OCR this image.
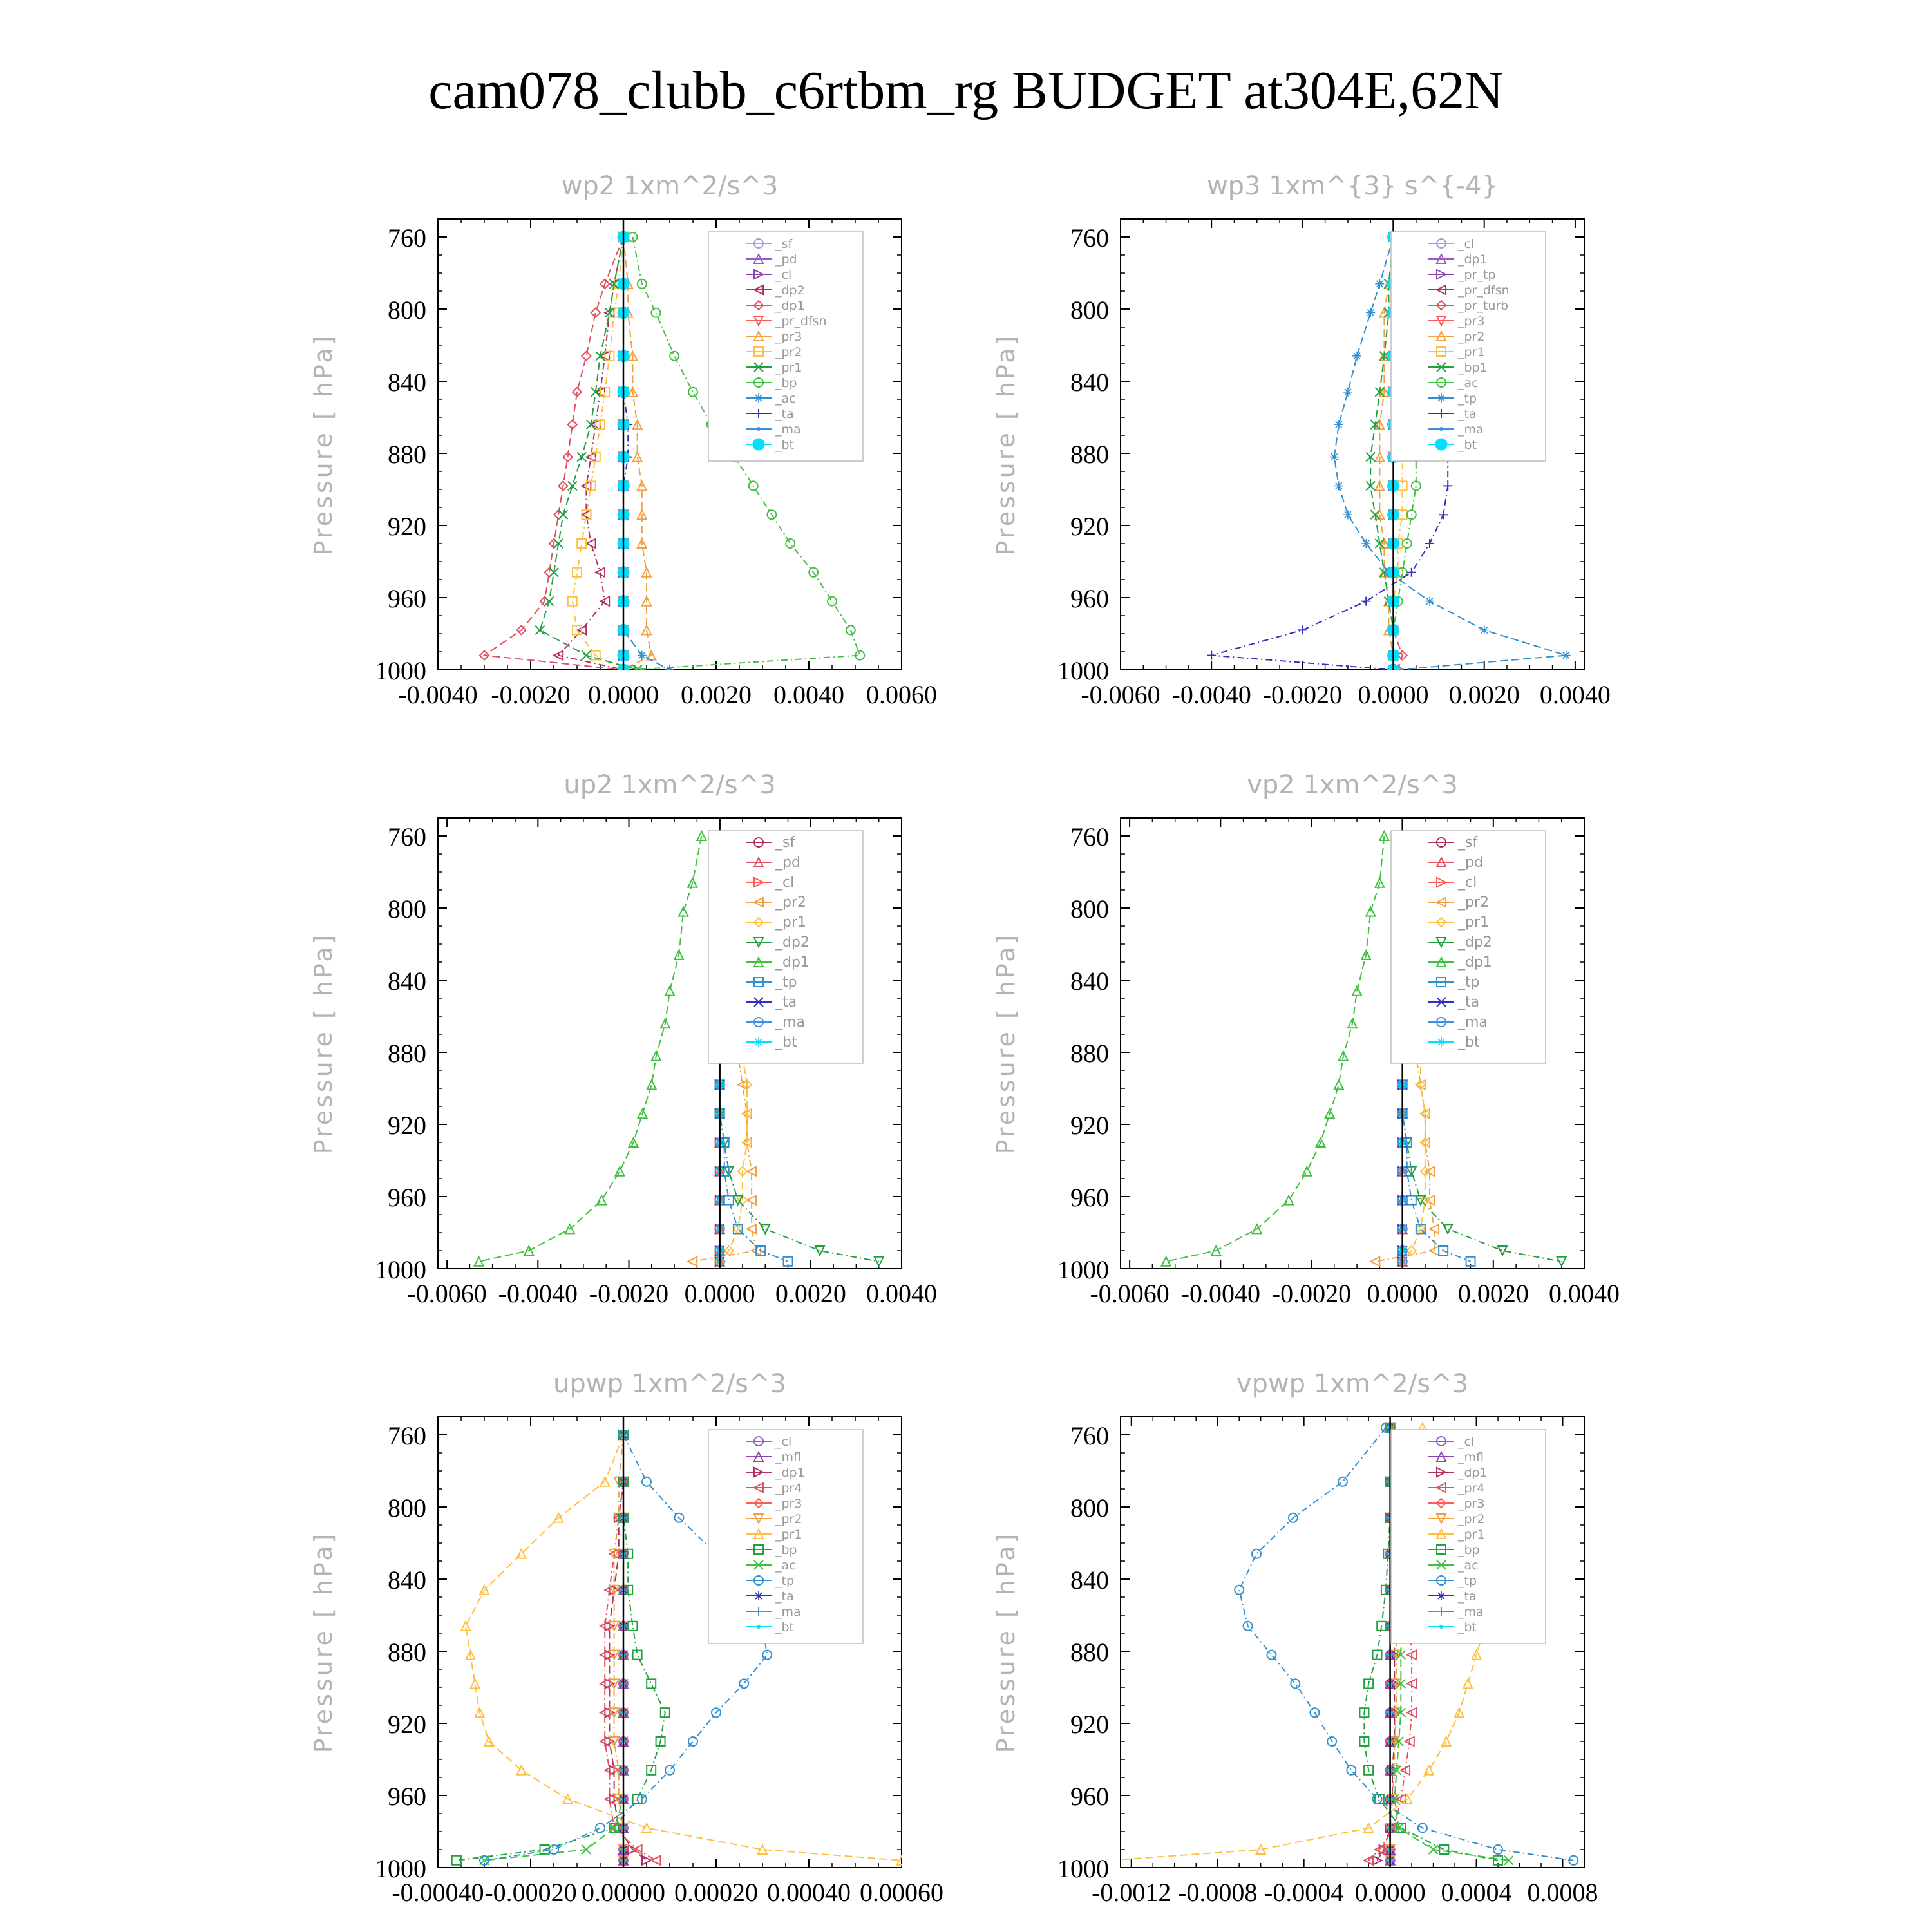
cam078_clubb_c6rtbm_rg BUDGET at304E,62N
wp2 1xm^2/s^3
Pressure [ hPa]
760
800
840
880
920
960
1000
-0.0040 -0.0020 0.0000 0.0020 0.0040 0.0060
_sf
_pd
_cl
_dp2
_dp1
_pr_dfsn
_pr3
_pr2
_pr1
_bp
_ac
_ta
_ma
_bt
wp3 1xm^{3} s^{-4}
Pressure [ hPa]
760
800
840
880
920
960
1000
-0.0060 -0.0040 -0.0020 0.0000 0.0020 0.0040
_cl
_dp1
_pr_tp
_pr_dfsn
_pr_turb
_pr3
_pr2
_pr1
_bp1
_ac
_tp
_ta
_ma
_bt
up2 1xm^2/s^3
Pressure [ hPa]
760
800
840
880
920
960
1000
-0.0060 -0.0040 -0.0020 0.0000 0.0020 0.0040
_sf
_pd
_cl
_pr2
_pr1
_dp2
_dp1
_tp
_ta
_ma
_bt
vp2 1xm^2/s^3
Pressure [ hPa]
760
800
840
880
920
960
1000
-0.0060 -0.0040 -0.0020 0.0000 0.0020 0.0040
_sf
_pd
_cl
_pr2
_pr1
_dp2
_dp1
_tp
_ta
_ma
_bt
upwp 1xm^2/s^3
Pressure [ hPa]
760
800
840
880
920
960
1000
-0.00040 -0.00020 0.00000 0.00020 0.00040 0.00060
_cl
_mfl
_dp1
_pr4
_pr3
_pr2
_pr1
_bp
_ac
_tp
_ta
_ma
_bt
vpwp 1xm^2/s^3
Pressure [ hPa]
760
800
840
880
920
960
1000
-0.0012 -0.0008 -0.0004 0.0000 0.0004 0.0008
_cl
_mfl
_dp1
_pr4
_pr3
_pr2
_pr1
_bp
_ac
_tp
_ta
_ma
_bt
